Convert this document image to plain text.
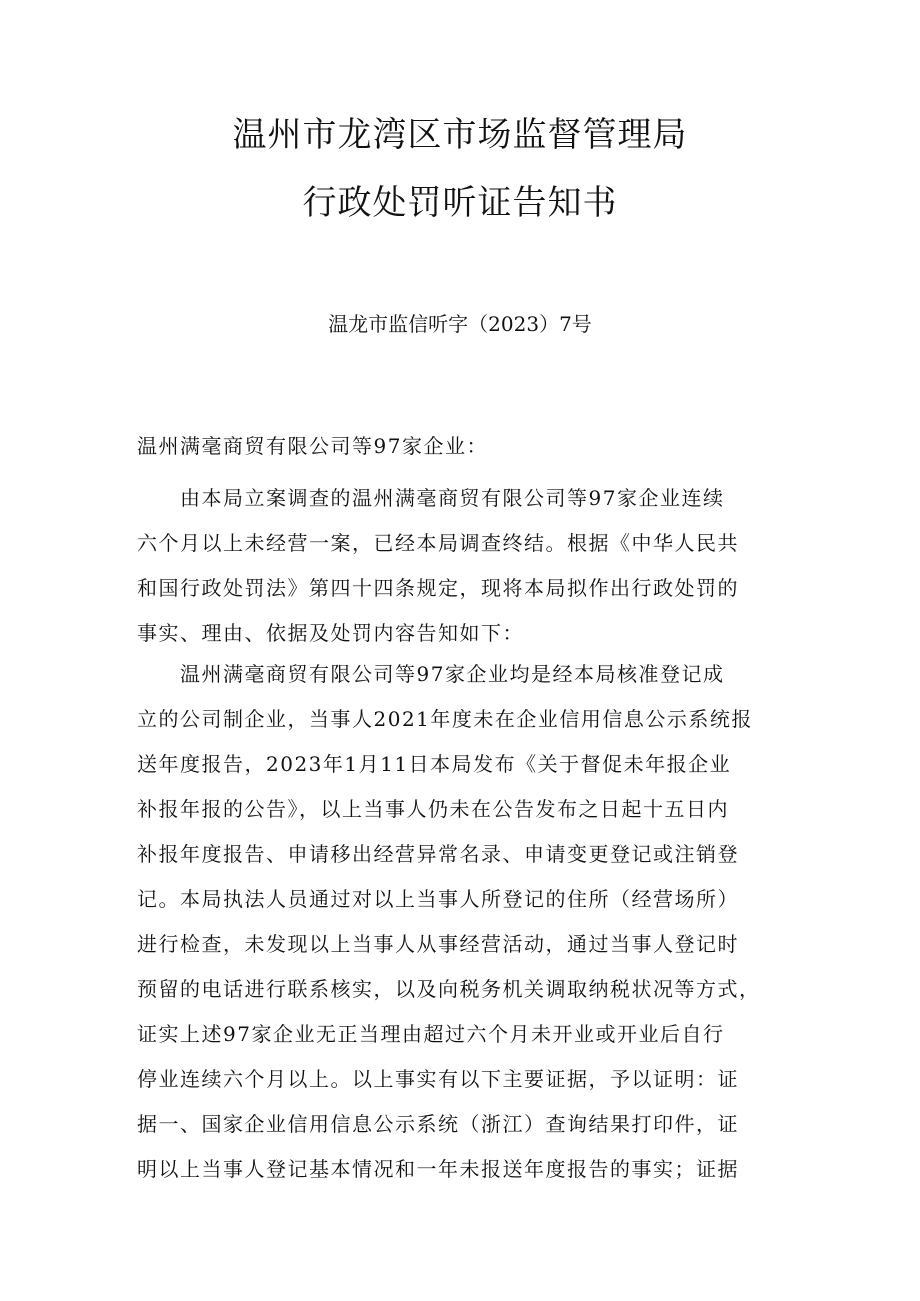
温州市龙湾区市场监督管理局
行政处罚听证告知书
温龙市监信听字（2023）7号
温州满毫商贸有限公司等97家企业：
　　由本局立案调查的温州满毫商贸有限公司等97家企业连续
六个月以上未经营一案，已经本局调查终结。根据《中华人民共
和国行政处罚法》第四十四条规定，现将本局拟作出行政处罚的
事实、理由、依据及处罚内容告知如下：
　　温州满毫商贸有限公司等97家企业均是经本局核准登记成
立的公司制企业，当事人2021年度未在企业信用信息公示系统报
送年度报告，2023年1月11日本局发布《关于督促未年报企业
补报年报的公告》，以上当事人仍未在公告发布之日起十五日内
补报年度报告、申请移出经营异常名录、申请变更登记或注销登
记。本局执法人员通过对以上当事人所登记的住所（经营场所）
进行检查，未发现以上当事人从事经营活动，通过当事人登记时
预留的电话进行联系核实，以及向税务机关调取纳税状况等方式，
证实上述97家企业无正当理由超过六个月未开业或开业后自行
停业连续六个月以上。以上事实有以下主要证据，予以证明：证
据一、国家企业信用信息公示系统（浙江）查询结果打印件，证
明以上当事人登记基本情况和一年未报送年度报告的事实；证据
